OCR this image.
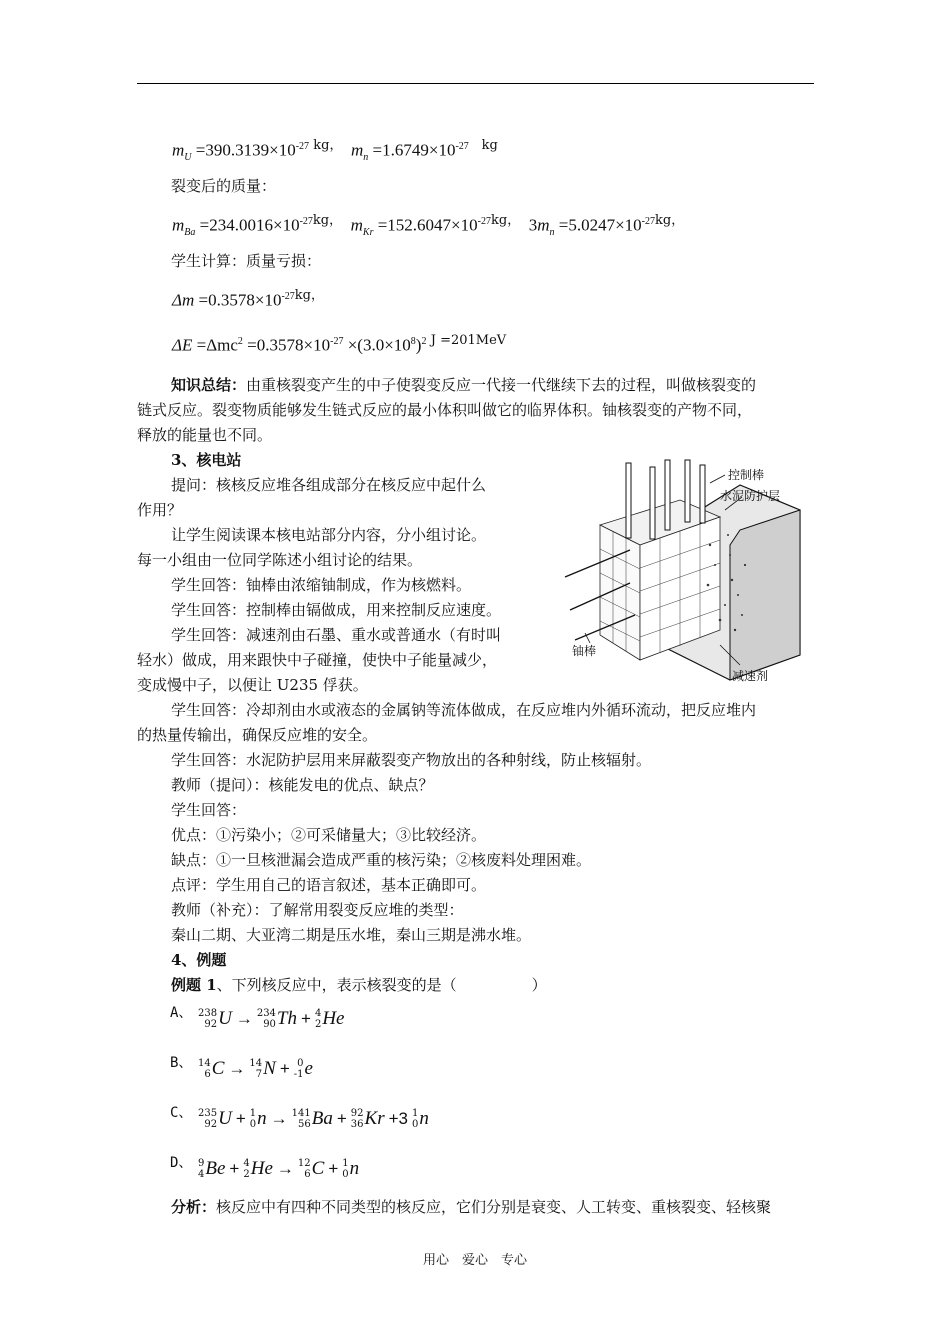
$m_U =390.3139\times 10^{-27}$ $^{kg,}$ $m_n =1.6749\times 10^{-27}$ $^{kg}$
裂变后的质量：
$m_{Ba} =234.0016\times 10^{-27kg,}$ $m_{Kr} =152.6047\times 10^{-27kg,}$ $3m_n =5.0247\times 10^{-27kg,}$
学生计算：质量亏损：
$\Delta m =0.3578\times 10^{-27kg,}$
$\Delta E =\Delta mc^2 =0.3578\times 10^{-27} \times(3.0\times 10^8)^2$ $^{J =201MeV}$
知识总结：由重核裂变产生的中子使裂变反应一代接一代继续下去的过程，叫做核裂变的
链式反应。裂变物质能够发生链式反应的最小体积叫做它的临界体积。铀核裂变的产物不同，
释放的能量也不同。
3、核电站
提问：核核反应堆各组成部分在核反应中起什么
作用？
让学生阅读课本核电站部分内容，分小组讨论。
每一小组由一位同学陈述小组讨论的结果。
学生回答：铀棒由浓缩铀制成，作为核燃料。
学生回答：控制棒由镉做成，用来控制反应速度。
学生回答：减速剂由石墨、重水或普通水（有时叫
轻水）做成，用来跟快中子碰撞，使快中子能量减少，
变成慢中子，以便让 U235 俘获。
控制棒
水泥防护层
铀棒
减速剂
学生回答：冷却剂由水或液态的金属钠等流体做成，在反应堆内外循环流动，把反应堆内
的热量传输出，确保反应堆的安全。
学生回答：水泥防护层用来屏蔽裂变产物放出的各种射线，防止核辐射。
教师（提问）：核能发电的优点、缺点？
学生回答：
优点：①污染小；②可采储量大；③比较经济。
缺点：①一旦核泄漏会造成严重的核污染；②核废料处理困难。
点评：学生用自己的语言叙述，基本正确即可。
教师（补充）：了解常用裂变反应堆的类型：
秦山二期、大亚湾二期是压水堆，秦山三期是沸水堆。
4、例题
例题 1、下列核反应中，表示核裂变的是（　　　　　）
A、 238
92 U → 234
90 Th + 4
2 He
B、 14
6 C → 14
7 N + 0
-1 e
C、 235
92 U + 1
0 n → 141
56 Ba + 92
36 Kr +3 1
0 n
D、 9
4 Be + 4
2 He → 12
6 C + 1
0 n
分析：核反应中有四种不同类型的核反应，它们分别是衰变、人工转变、重核裂变、轻核聚
用心　爱心　专心
